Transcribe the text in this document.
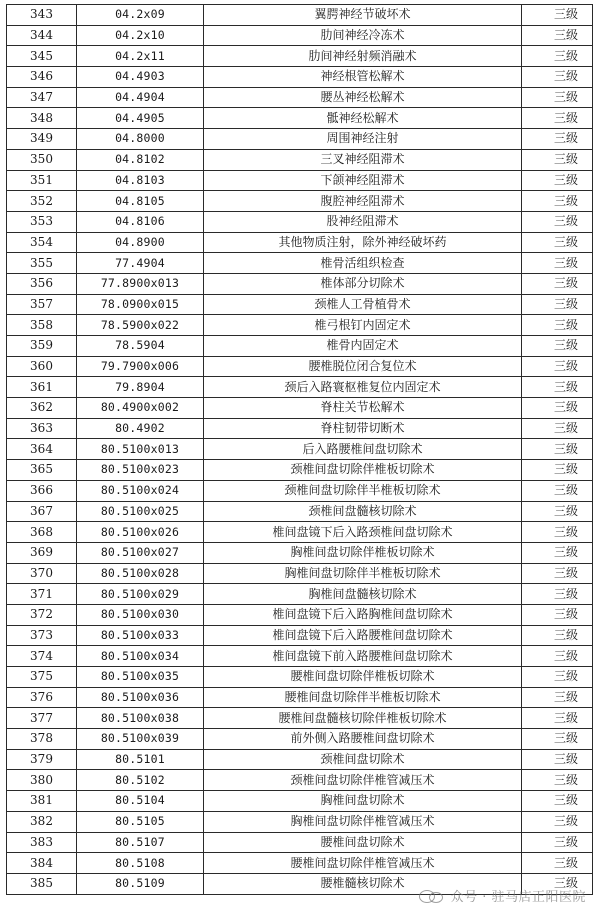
343	04.2x09	翼腭神经节破坏术	三级
344	04.2x10	肋间神经冷冻术	三级
345	04.2x11	肋间神经射频消融术	三级
346	04.4903	神经根管松解术	三级
347	04.4904	腰丛神经松解术	三级
348	04.4905	骶神经松解术	三级
349	04.8000	周围神经注射	三级
350	04.8102	三叉神经阻滞术	三级
351	04.8103	下颌神经阻滞术	三级
352	04.8105	腹腔神经阻滞术	三级
353	04.8106	股神经阻滞术	三级
354	04.8900	其他物质注射，除外神经破坏药	三级
355	77.4904	椎骨活组织检查	三级
356	77.8900x013	椎体部分切除术	三级
357	78.0900x015	颈椎人工骨植骨术	三级
358	78.5900x022	椎弓根钉内固定术	三级
359	78.5904	椎骨内固定术	三级
360	79.7900x006	腰椎脱位闭合复位术	三级
361	79.8904	颈后入路寰枢椎复位内固定术	三级
362	80.4900x002	脊柱关节松解术	三级
363	80.4902	脊柱韧带切断术	三级
364	80.5100x013	后入路腰椎间盘切除术	三级
365	80.5100x023	颈椎间盘切除伴椎板切除术	三级
366	80.5100x024	颈椎间盘切除伴半椎板切除术	三级
367	80.5100x025	颈椎间盘髓核切除术	三级
368	80.5100x026	椎间盘镜下后入路颈椎间盘切除术	三级
369	80.5100x027	胸椎间盘切除伴椎板切除术	三级
370	80.5100x028	胸椎间盘切除伴半椎板切除术	三级
371	80.5100x029	胸椎间盘髓核切除术	三级
372	80.5100x030	椎间盘镜下后入路胸椎间盘切除术	三级
373	80.5100x033	椎间盘镜下后入路腰椎间盘切除术	三级
374	80.5100x034	椎间盘镜下前入路腰椎间盘切除术	三级
375	80.5100x035	腰椎间盘切除伴椎板切除术	三级
376	80.5100x036	腰椎间盘切除伴半椎板切除术	三级
377	80.5100x038	腰椎间盘髓核切除伴椎板切除术	三级
378	80.5100x039	前外侧入路腰椎间盘切除术	三级
379	80.5101	颈椎间盘切除术	三级
380	80.5102	颈椎间盘切除伴椎管减压术	三级
381	80.5104	胸椎间盘切除术	三级
382	80.5105	胸椎间盘切除伴椎管减压术	三级
383	80.5107	腰椎间盘切除术	三级
384	80.5108	腰椎间盘切除伴椎管减压术	三级
385	80.5109	腰椎髓核切除术	三级
众号 · 驻马店正阳医院
